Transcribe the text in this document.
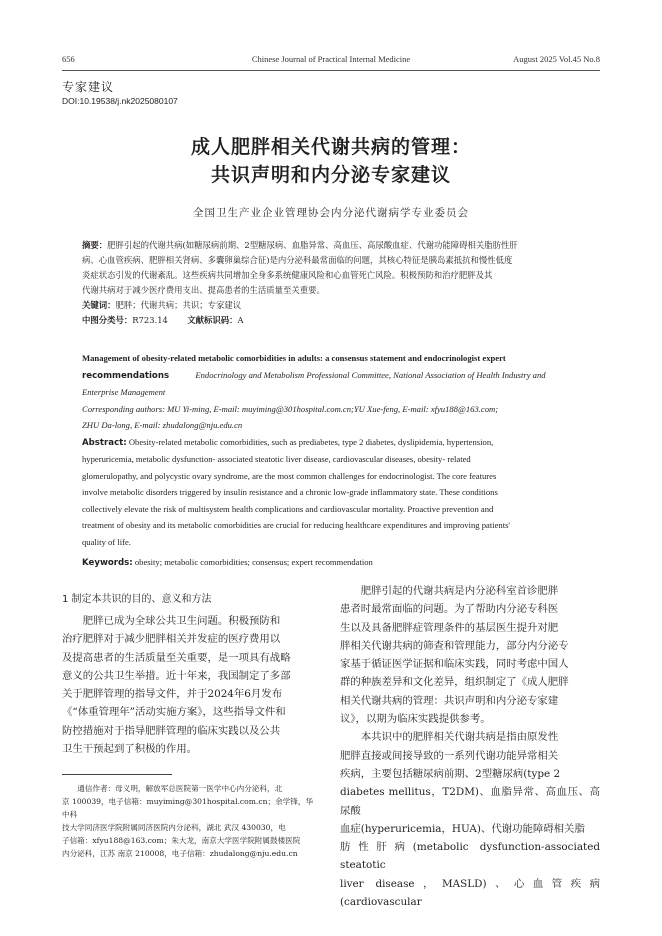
656	Chinese Journal of Practical Internal Medicine	August 2025 Vol.45 No.8
专家建议
DOI:10.19538/j.nk2025080107
成人肥胖相关代谢共病的管理：
共识声明和内分泌专家建议
全国卫生产业企业管理协会内分泌代谢病学专业委员会
摘要：肥胖引起的代谢共病(如糖尿病前期、2型糖尿病、血脂异常、高血压、高尿酸血症、代谢功能障碍相关脂肪性肝
病、心血管疾病、肥胖相关肾病、多囊卵巢综合征)是内分泌科最常面临的问题，其核心特征是胰岛素抵抗和慢性低度
炎症状态引发的代谢紊乱。这些疾病共同增加全身多系统健康风险和心血管死亡风险。积极预防和治疗肥胖及其
代谢共病对于减少医疗费用支出、提高患者的生活质量至关重要。
关键词：肥胖；代谢共病；共识；专家建议
中图分类号：R723.14 文献标识码：A
Management of obesity-related metabolic comorbidities in adults: a consensus statement and endocrinologist expert
recommendations	Endocrinology and Metabolism Professional Committee, National Association of Health Industry and
Enterprise Management
Corresponding authors: MU Yi-ming, E-mail: muyiming@301hospital.com.cn;YU Xue-feng, E-mail: xfyu188@163.com;
ZHU Da-long, E-mail: zhudalong@nju.edu.cn
Abstract: Obesity-related metabolic comorbidities, such as prediabetes, type 2 diabetes, dyslipidemia, hypertension,
hyperuricemia, metabolic dysfunction- associated steatotic liver disease, cardiovascular diseases, obesity- related
glomerulopathy, and polycystic ovary syndrome, are the most common challenges for endocrinologist. The core features
involve metabolic disorders triggered by insulin resistance and a chronic low-grade inflammatory state. These conditions
collectively elevate the risk of multisystem health complications and cardiovascular mortality. Proactive prevention and
treatment of obesity and its metabolic comorbidities are crucial for reducing healthcare expenditures and improving patients'
quality of life.
Keywords: obesity; metabolic comorbidities; consensus; expert recommendation
1 制定本共识的目的、意义和方法
肥胖已成为全球公共卫生问题。积极预防和
治疗肥胖对于减少肥胖相关并发症的医疗费用以
及提高患者的生活质量至关重要，是一项具有战略
意义的公共卫生举措。近十年来，我国制定了多部
关于肥胖管理的指导文件，并于2024年6月发布
《“体重管理年”活动实施方案》，这些指导文件和
防控措施对于指导肥胖管理的临床实践以及公共
卫生干预起到了积极的作用。
通信作者：母义明，解放军总医院第一医学中心内分泌科，北
京 100039，电子信箱：muyiming@301hospital.com.cn；余学锋，华中科
技大学同济医学院附属同济医院内分泌科，湖北 武汉 430030，电
子信箱：xfyu188@163.com；朱大龙，南京大学医学院附属鼓楼医院
内分泌科，江苏 南京 210008，电子信箱：zhudalong@nju.edu.cn
肥胖引起的代谢共病是内分泌科室首诊肥胖
患者时最常面临的问题。为了帮助内分泌专科医
生以及具备肥胖症管理条件的基层医生提升对肥
胖相关代谢共病的筛查和管理能力，部分内分泌专
家基于循证医学证据和临床实践，同时考虑中国人
群的种族差异和文化差异，组织制定了《成人肥胖
相关代谢共病的管理：共识声明和内分泌专家建
议》，以期为临床实践提供参考。
本共识中的肥胖相关代谢共病是指由原发性
肥胖直接或间接导致的一系列代谢功能异常相关
疾病，主要包括糖尿病前期、2型糖尿病(type 2
diabetes mellitus，T2DM)、血脂异常、高血压、高尿酸
血症(hyperuricemia，HUA)、代谢功能障碍相关脂
肪性肝病(metabolic dysfunction-associated steatotic
liver disease，MASLD)、心血管疾病(cardiovascular
